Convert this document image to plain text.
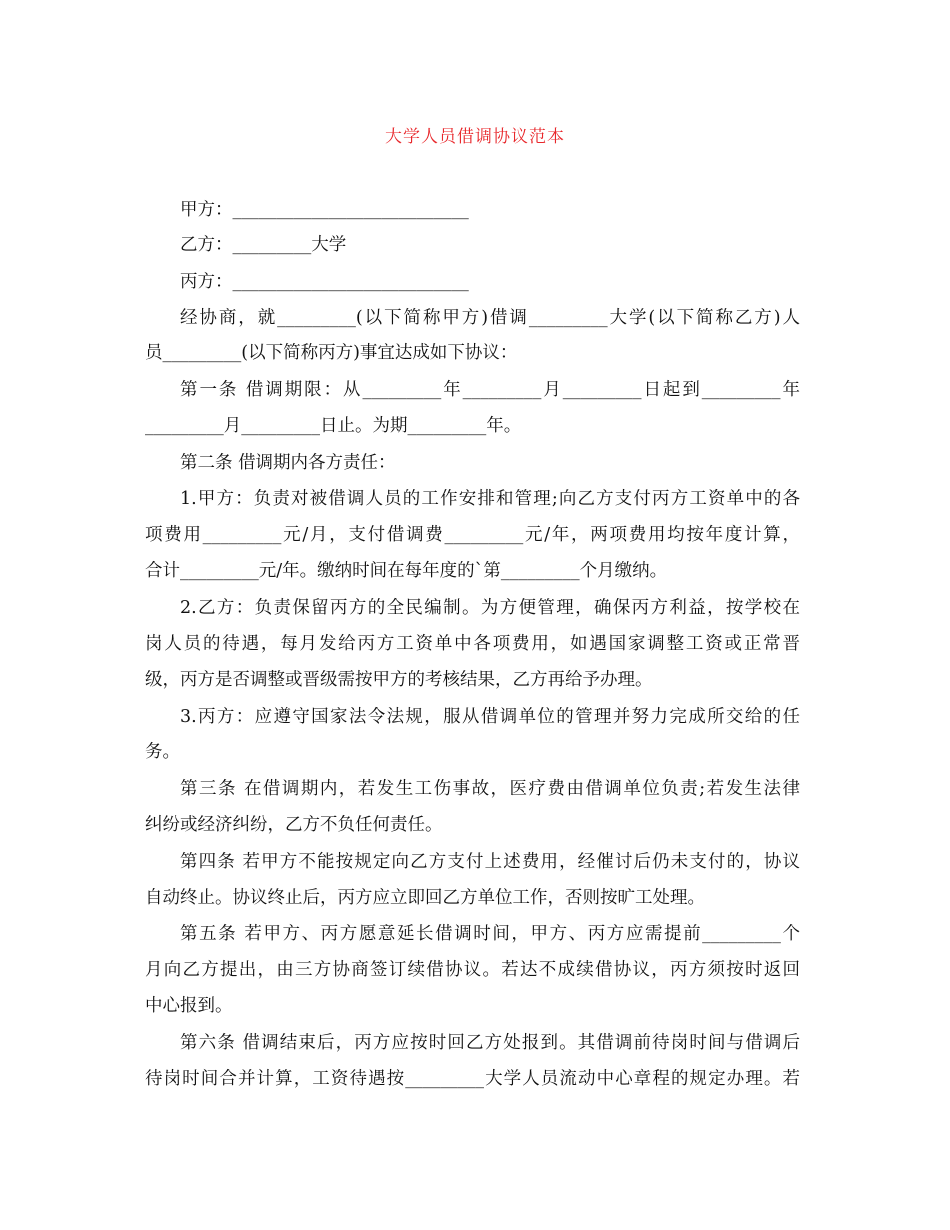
大学人员借调协议范本
甲方：___________________________
乙方：_________大学
丙方：___________________________
经协商，就_________(以下简称甲方)借调_________大学(以下简称乙方)人
员_________(以下简称丙方)事宜达成如下协议：
第一条 借调期限：从_________年_________月_________日起到_________年
_________月_________日止。为期_________年。
第二条 借调期内各方责任：
1.甲方：负责对被借调人员的工作安排和管理;向乙方支付丙方工资单中的各
项费用_________元/月，支付借调费_________元/年，两项费用均按年度计算，
合计_________元/年。缴纳时间在每年度的`第_________个月缴纳。
2.乙方：负责保留丙方的全民编制。为方便管理，确保丙方利益，按学校在
岗人员的待遇，每月发给丙方工资单中各项费用，如遇国家调整工资或正常晋
级，丙方是否调整或晋级需按甲方的考核结果，乙方再给予办理。
3.丙方：应遵守国家法令法规，服从借调单位的管理并努力完成所交给的任
务。
第三条 在借调期内，若发生工伤事故，医疗费由借调单位负责;若发生法律
纠纷或经济纠纷，乙方不负任何责任。
第四条 若甲方不能按规定向乙方支付上述费用，经催讨后仍未支付的，协议
自动终止。协议终止后，丙方应立即回乙方单位工作，否则按旷工处理。
第五条 若甲方、丙方愿意延长借调时间，甲方、丙方应需提前_________个
月向乙方提出，由三方协商签订续借协议。若达不成续借协议，丙方须按时返回
中心报到。
第六条 借调结束后，丙方应按时回乙方处报到。其借调前待岗时间与借调后
待岗时间合并计算，工资待遇按_________大学人员流动中心章程的规定办理。若
